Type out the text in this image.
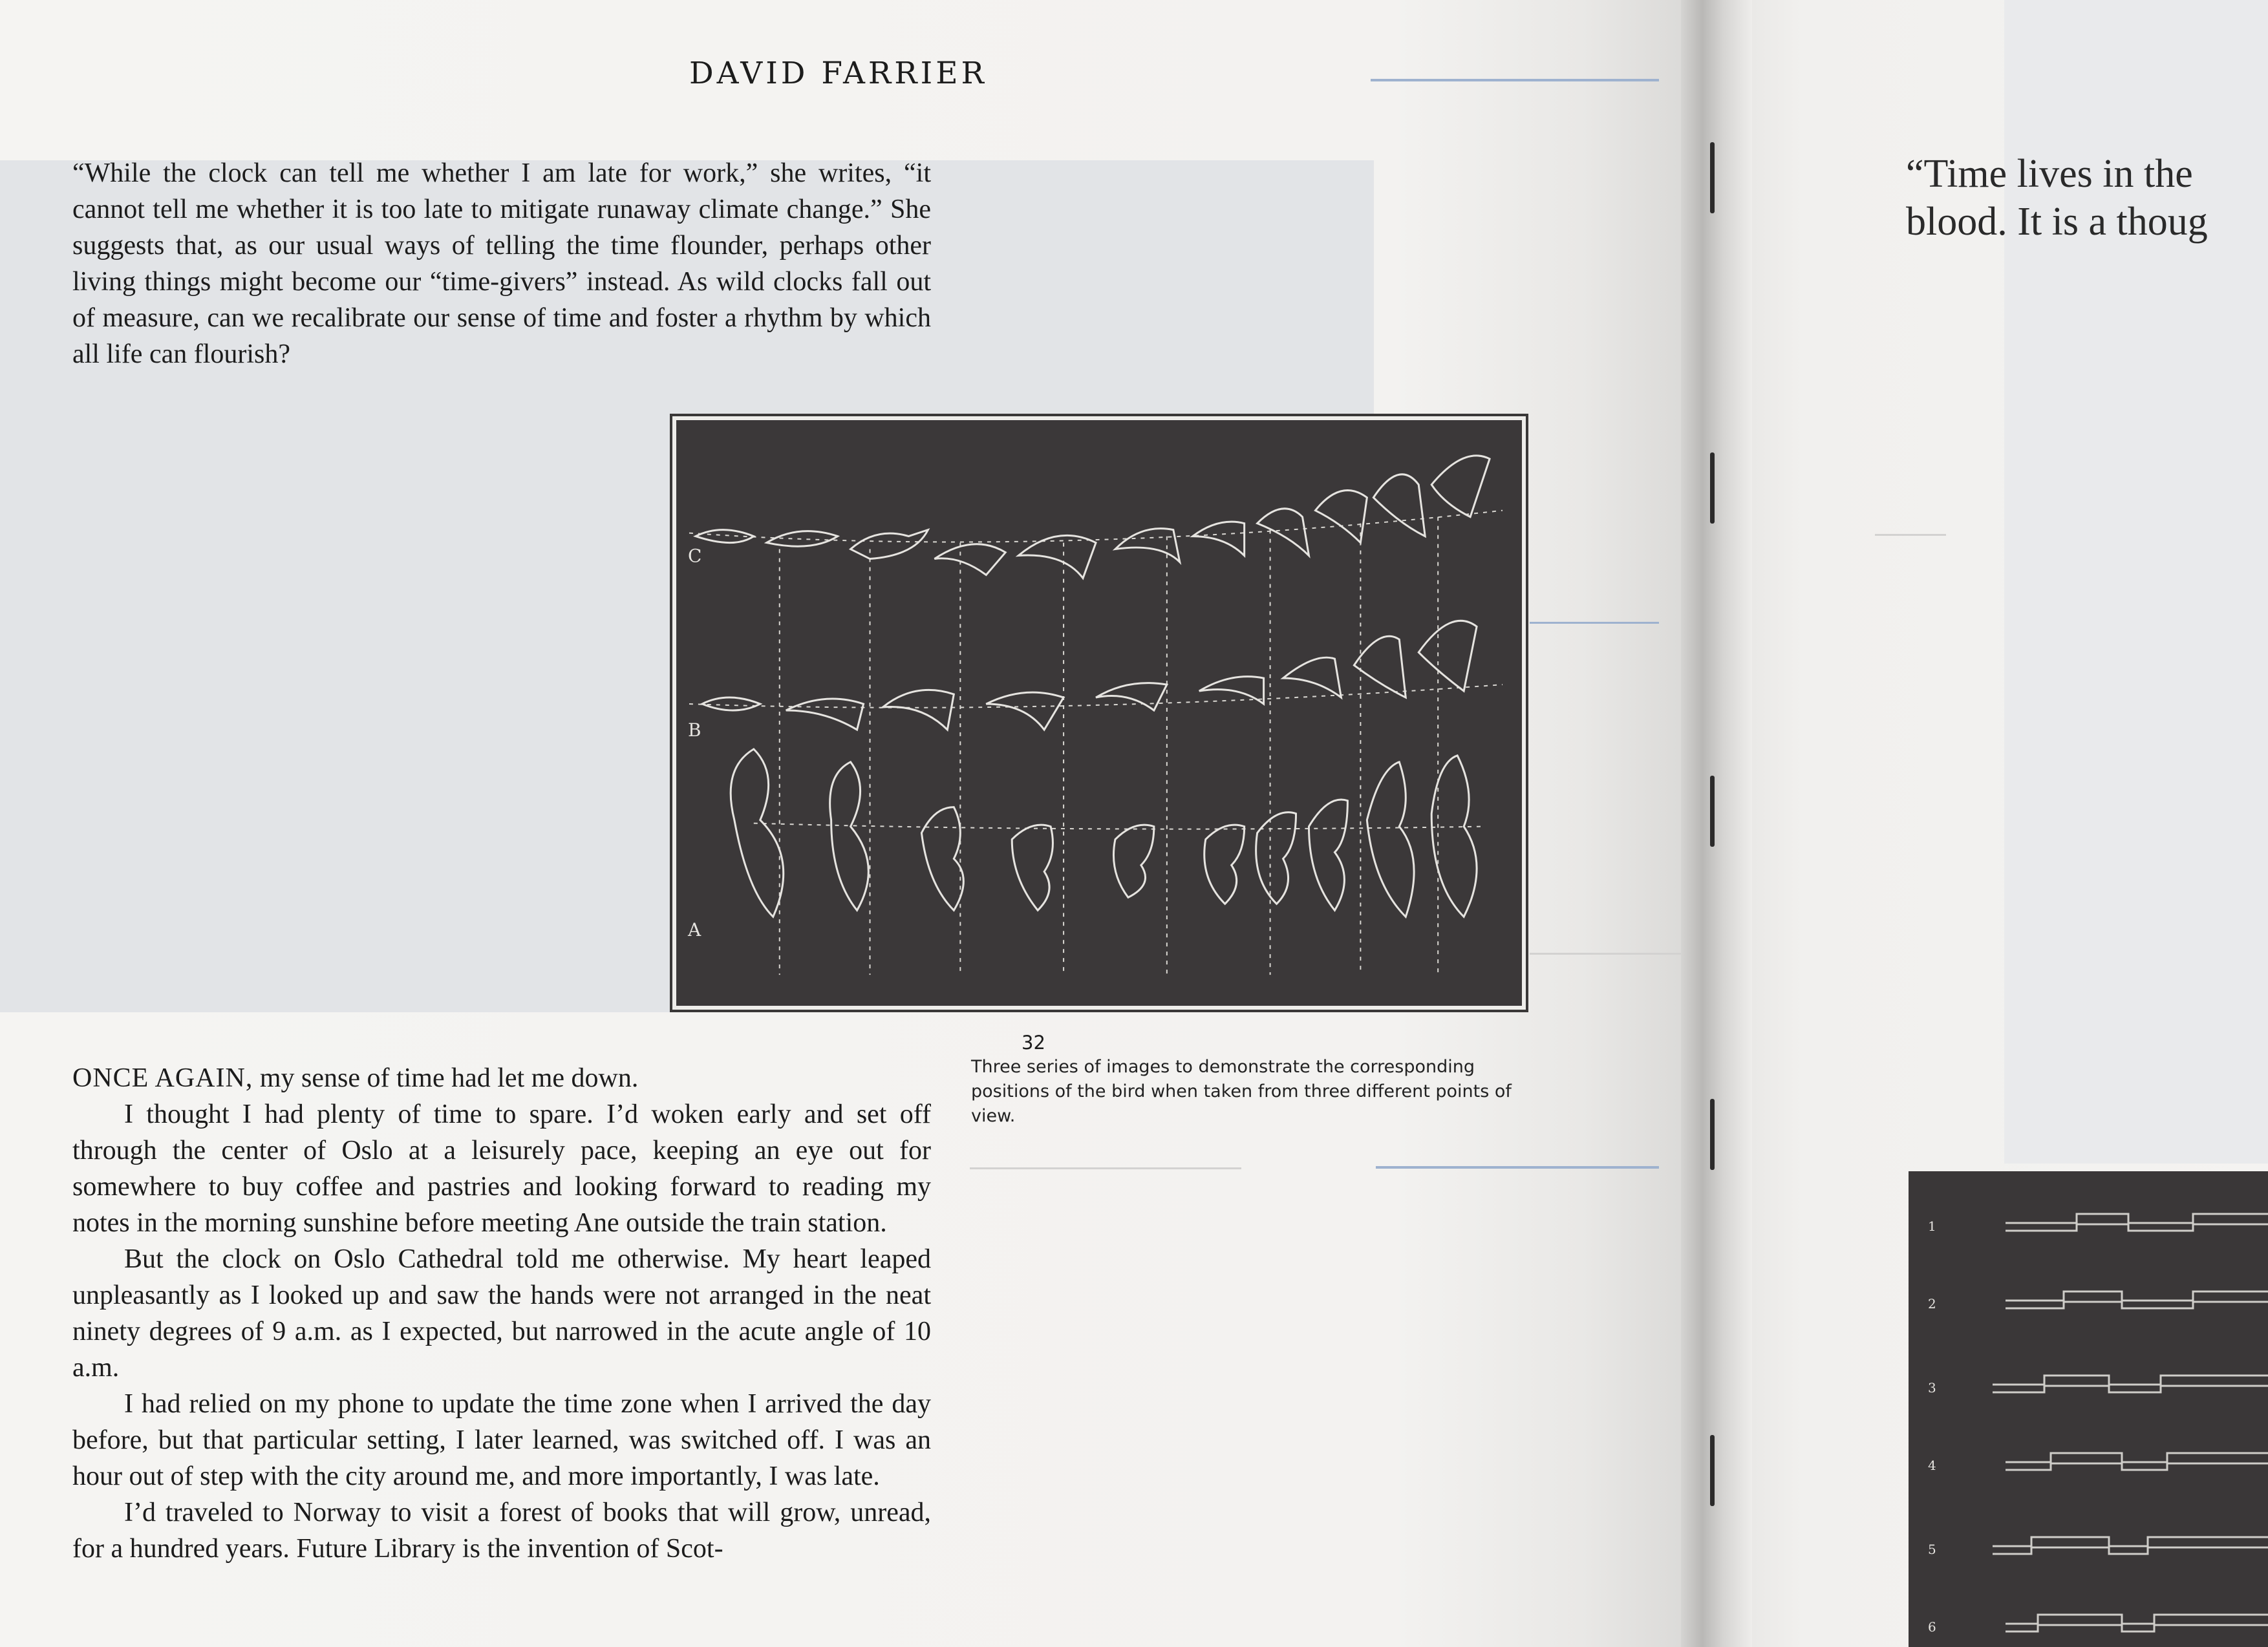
DAVID FARRIER

“While the clock can tell me whether I am late for work,” she writes, “it cannot tell me whether it is too late to mitigate runaway climate change.” She suggests that, as our usual ways of telling the time flounder, perhaps other living things might become our “time-givers” instead. As wild clocks fall out of measure, can we recalibrate our sense of time and foster a rhythm by which all life can flourish?

C
B
A
32
Three series of images to demonstrate the corresponding positions of the bird when taken from three different points of view.

ONCE AGAIN, my sense of time had let me down.

I thought I had plenty of time to spare. I’d woken early and set off through the center of Oslo at a leisurely pace, keeping an eye out for somewhere to buy coffee and pastries and looking forward to reading my notes in the morning sunshine before meeting Ane outside the train station.

But the clock on Oslo Cathedral told me otherwise. My heart leaped unpleasantly as I looked up and saw the hands were not arranged in the neat ninety degrees of 9 a.m. as I expected, but narrowed in the acute angle of 10 a.m.

I had relied on my phone to update the time zone when I arrived the day before, but that particular setting, I later learned, was switched off. I was an hour out of step with the city around me, and more importantly, I was late.

I’d traveled to Norway to visit a forest of books that will grow, unread, for a hundred years. Future Library is the invention of Scot-

“Time lives in the
blood. It is a thoug
1
2
3
4
5
6
